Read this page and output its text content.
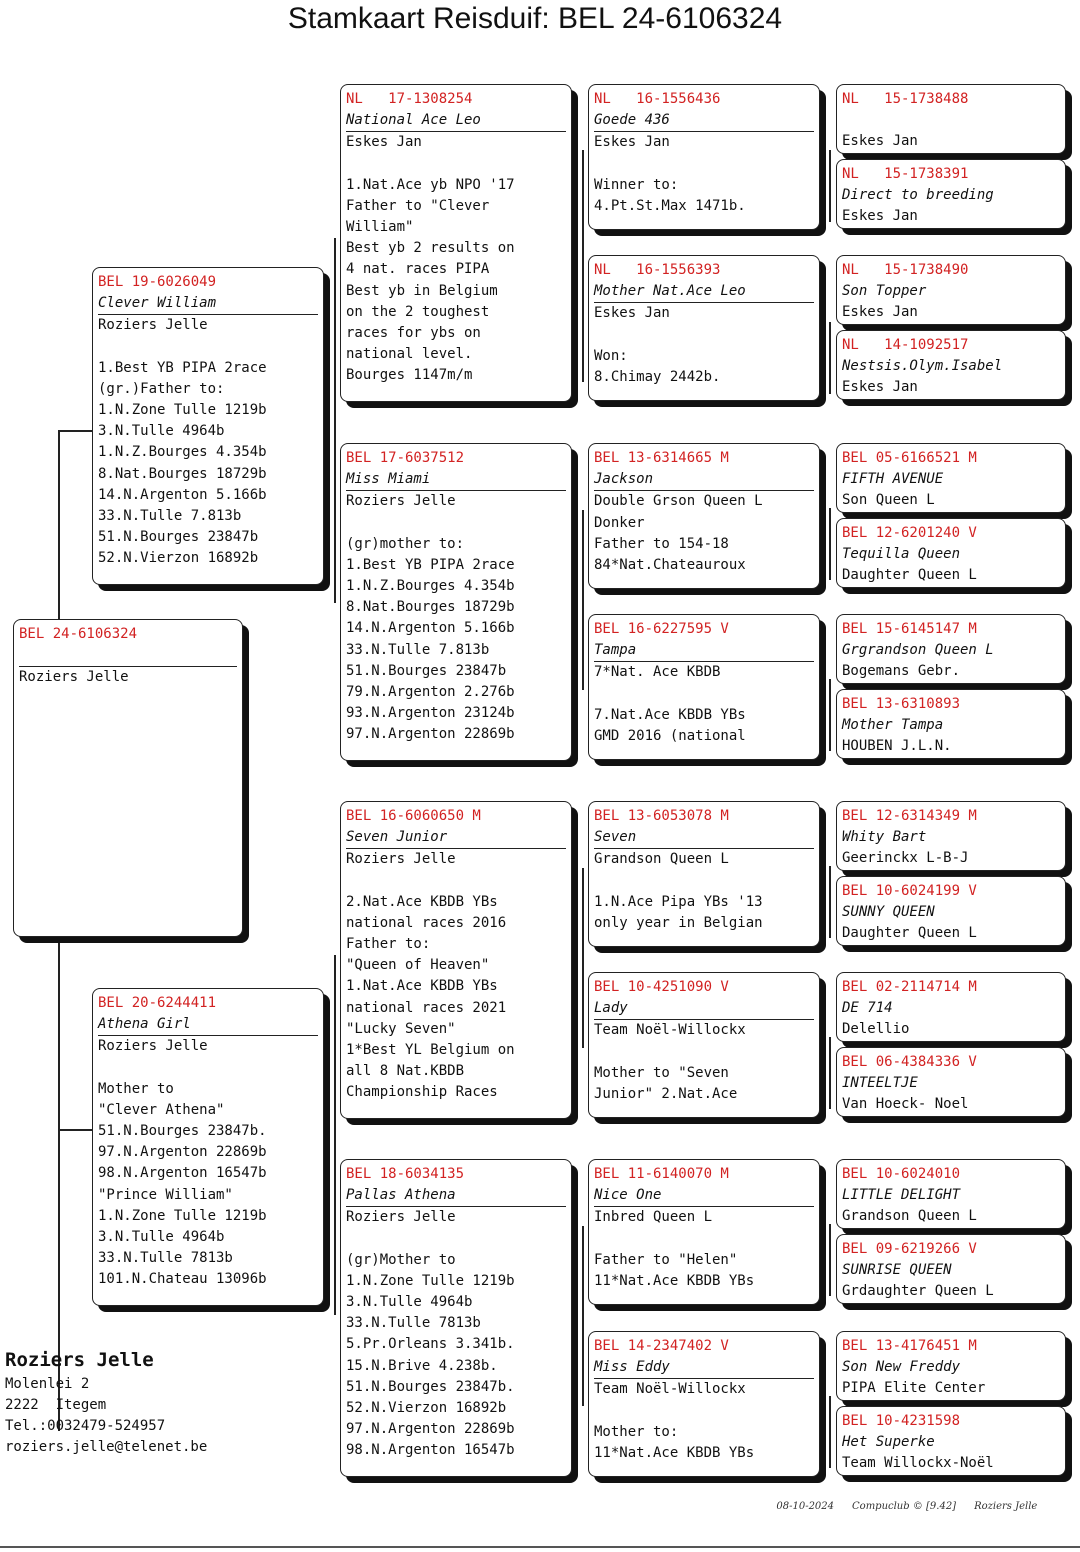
Stamkaart Reisduif: BEL 24-6106324
BEL 24-6106324
Roziers Jelle
BEL 19-6026049
Clever William
Roziers Jelle
1.Best YB PIPA 2race
(gr.)Father to:
1.N.Zone Tulle 1219b
3.N.Tulle 4964b
1.N.Z.Bourges 4.354b
8.Nat.Bourges 18729b
14.N.Argenton 5.166b
33.N.Tulle 7.813b
51.N.Bourges 23847b
52.N.Vierzon 16892b
BEL 20-6244411
Athena Girl
Roziers Jelle
Mother to
"Clever Athena"
51.N.Bourges 23847b.
97.N.Argenton 22869b
98.N.Argenton 16547b
"Prince William"
1.N.Zone Tulle 1219b
3.N.Tulle 4964b
33.N.Tulle 7813b
101.N.Chateau 13096b
NL   17-1308254
National Ace Leo
Eskes Jan
1.Nat.Ace yb NPO '17
Father to "Clever
William"
Best yb 2 results on
4 nat. races PIPA
Best yb in Belgium
on the 2 toughest
races for ybs on
national level.
Bourges 1147m/m
BEL 17-6037512
Miss Miami
Roziers Jelle
(gr)mother to:
1.Best YB PIPA 2race
1.N.Z.Bourges 4.354b
8.Nat.Bourges 18729b
14.N.Argenton 5.166b
33.N.Tulle 7.813b
51.N.Bourges 23847b
79.N.Argenton 2.276b
93.N.Argenton 23124b
97.N.Argenton 22869b
BEL 16-6060650 M
Seven Junior
Roziers Jelle
2.Nat.Ace KBDB YBs
national races 2016
Father to:
"Queen of Heaven"
1.Nat.Ace KBDB YBs
national races 2021
"Lucky Seven"
1*Best YL Belgium on
all 8 Nat.KBDB
Championship Races
BEL 18-6034135
Pallas Athena
Roziers Jelle
(gr)Mother to
1.N.Zone Tulle 1219b
3.N.Tulle 4964b
33.N.Tulle 7813b
5.Pr.Orleans 3.341b.
15.N.Brive 4.238b.
51.N.Bourges 23847b.
52.N.Vierzon 16892b
97.N.Argenton 22869b
98.N.Argenton 16547b
NL   16-1556436
Goede 436
Eskes Jan
Winner to:
4.Pt.St.Max 1471b.
NL   16-1556393
Mother Nat.Ace Leo
Eskes Jan
Won:
8.Chimay 2442b.
BEL 13-6314665 M
Jackson
Double Grson Queen L
Donker
Father to 154-18
84*Nat.Chateauroux
BEL 16-6227595 V
Tampa
7*Nat. Ace KBDB
7.Nat.Ace KBDB YBs
GMD 2016 (national
BEL 13-6053078 M
Seven
Grandson Queen L
1.N.Ace Pipa YBs '13
only year in Belgian
BEL 10-4251090 V
Lady
Team Noël-Willockx
Mother to "Seven
Junior" 2.Nat.Ace
BEL 11-6140070 M
Nice One
Inbred Queen L
Father to "Helen"
11*Nat.Ace KBDB YBs
BEL 14-2347402 V
Miss Eddy
Team Noël-Willockx
Mother to:
11*Nat.Ace KBDB YBs
NL   15-1738488
Eskes Jan
NL   15-1738391
Direct to breeding
Eskes Jan
NL   15-1738490
Son Topper
Eskes Jan
NL   14-1092517
Nestsis.Olym.Isabel
Eskes Jan
BEL 05-6166521 M
FIFTH AVENUE
Son Queen L
BEL 12-6201240 V
Tequilla Queen
Daughter Queen L
BEL 15-6145147 M
Grgrandson Queen L
Bogemans Gebr.
BEL 13-6310893
Mother Tampa
HOUBEN J.L.N.
BEL 12-6314349 M
Whity Bart
Geerinckx L-B-J
BEL 10-6024199 V
SUNNY QUEEN
Daughter Queen L
BEL 02-2114714 M
DE 714
Delellio
BEL 06-4384336 V
INTEELTJE
Van Hoeck- Noel
BEL 10-6024010
LITTLE DELIGHT
Grandson Queen L
BEL 09-6219266 V
SUNRISE QUEEN
Grdaughter Queen L
BEL 13-4176451 M
Son New Freddy
PIPA Elite Center
BEL 10-4231598
Het Superke
Team Willockx-Noël
Roziers Jelle
Molenlei 2
2222  Itegem
Tel.:0032479-524957
roziers.jelle@telenet.be

08-10-2024 Compuclub © [9.42] Roziers Jelle
